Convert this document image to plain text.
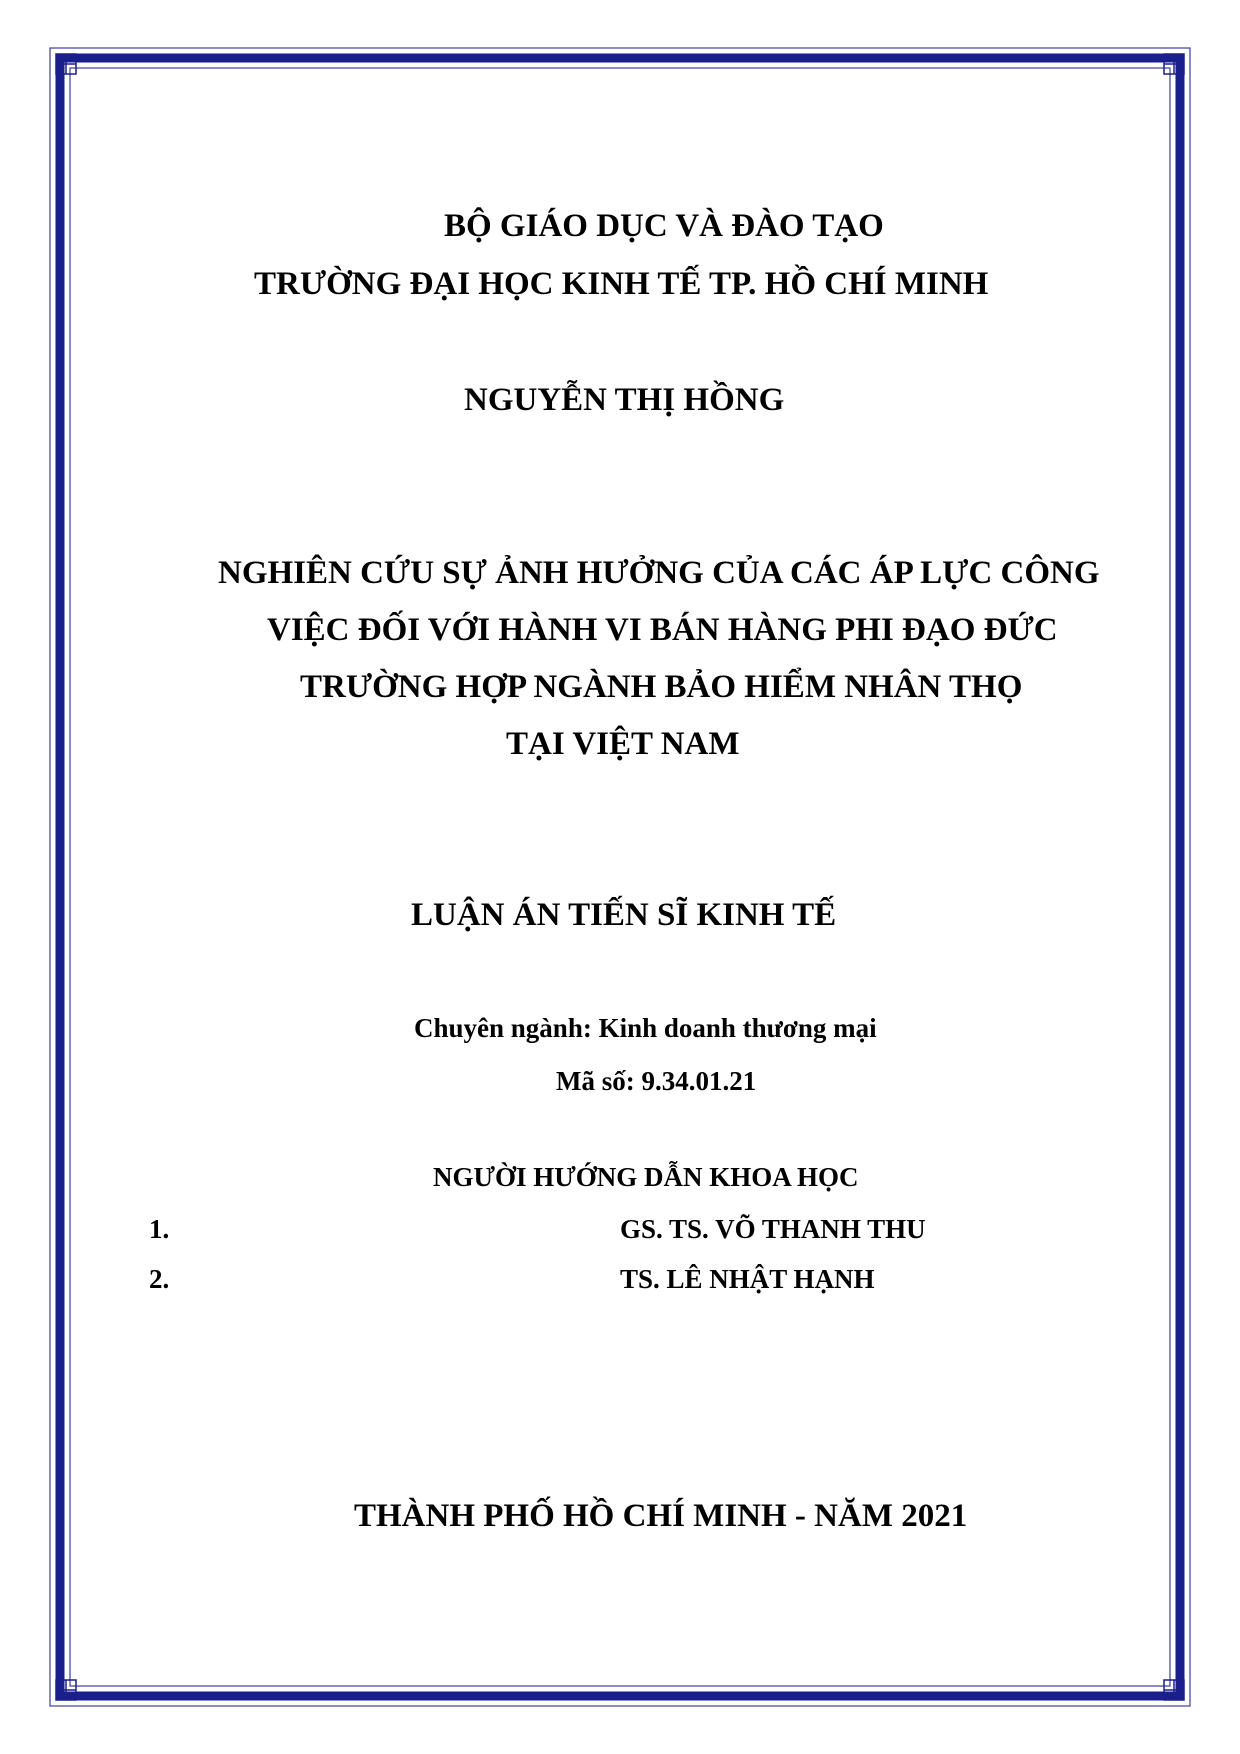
BỘ GIÁO DỤC VÀ ĐÀO TẠO

TRƯỜNG ĐẠI HỌC KINH TẾ TP. HỒ CHÍ MINH

NGUYỄN THỊ HỒNG

NGHIÊN CỨU SỰ ẢNH HƯỞNG CỦA CÁC ÁP LỰC CÔNG

VIỆC ĐỐI VỚI HÀNH VI BÁN HÀNG PHI ĐẠO ĐỨC

TRƯỜNG HỢP NGÀNH BẢO HIỂM NHÂN THỌ

TẠI VIỆT NAM

LUẬN ÁN TIẾN SĨ KINH TẾ

Chuyên ngành: Kinh doanh thương mại

Mã số: 9.34.01.21

NGƯỜI HƯỚNG DẪN KHOA HỌC

1.	GS. TS. VÕ THANH THU

2.	TS. LÊ NHẬT HẠNH

THÀNH PHỐ HỒ CHÍ MINH - NĂM 2021
